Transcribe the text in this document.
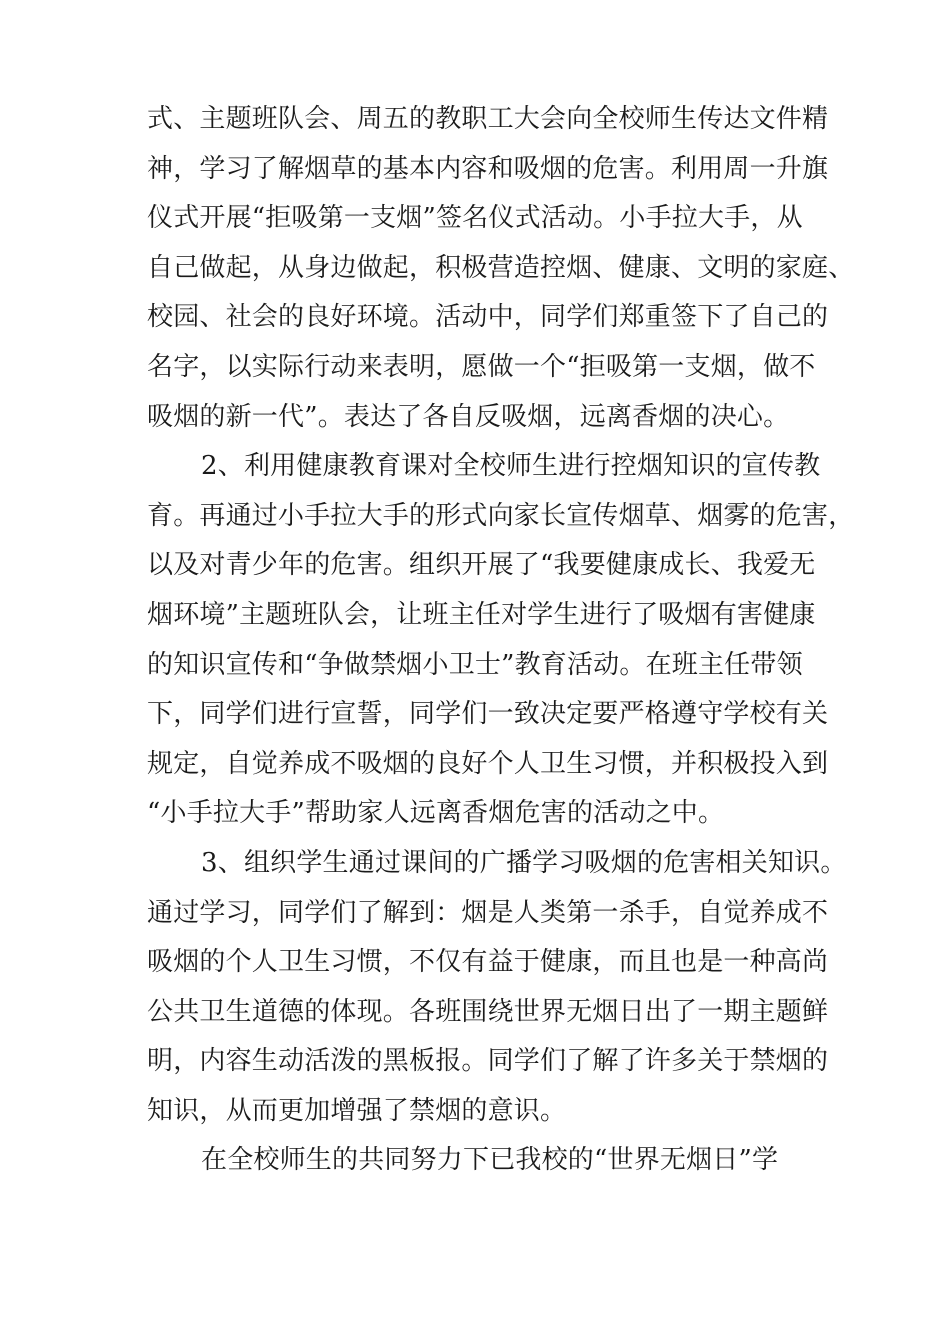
式、主题班队会、周五的教职工大会向全校师生传达文件精
神，学习了解烟草的基本内容和吸烟的危害。利用周一升旗
仪式开展“拒吸第一支烟”签名仪式活动。小手拉大手，从
自己做起，从身边做起，积极营造控烟、健康、文明的家庭、
校园、社会的良好环境。活动中，同学们郑重签下了自己的
名字，以实际行动来表明，愿做一个“拒吸第一支烟，做不
吸烟的新一代”。表达了各自反吸烟，远离香烟的决心。
2、利用健康教育课对全校师生进行控烟知识的宣传教
育。再通过小手拉大手的形式向家长宣传烟草、烟雾的危害，
以及对青少年的危害。组织开展了“我要健康成长、我爱无
烟环境”主题班队会，让班主任对学生进行了吸烟有害健康
的知识宣传和“争做禁烟小卫士”教育活动。在班主任带领
下，同学们进行宣誓，同学们一致决定要严格遵守学校有关
规定，自觉养成不吸烟的良好个人卫生习惯，并积极投入到
“小手拉大手”帮助家人远离香烟危害的活动之中。
3、组织学生通过课间的广播学习吸烟的危害相关知识。
通过学习，同学们了解到：烟是人类第一杀手，自觉养成不
吸烟的个人卫生习惯，不仅有益于健康，而且也是一种高尚
公共卫生道德的体现。各班围绕世界无烟日出了一期主题鲜
明，内容生动活泼的黑板报。同学们了解了许多关于禁烟的
知识，从而更加增强了禁烟的意识。
在全校师生的共同努力下已我校的“世界无烟日”学
